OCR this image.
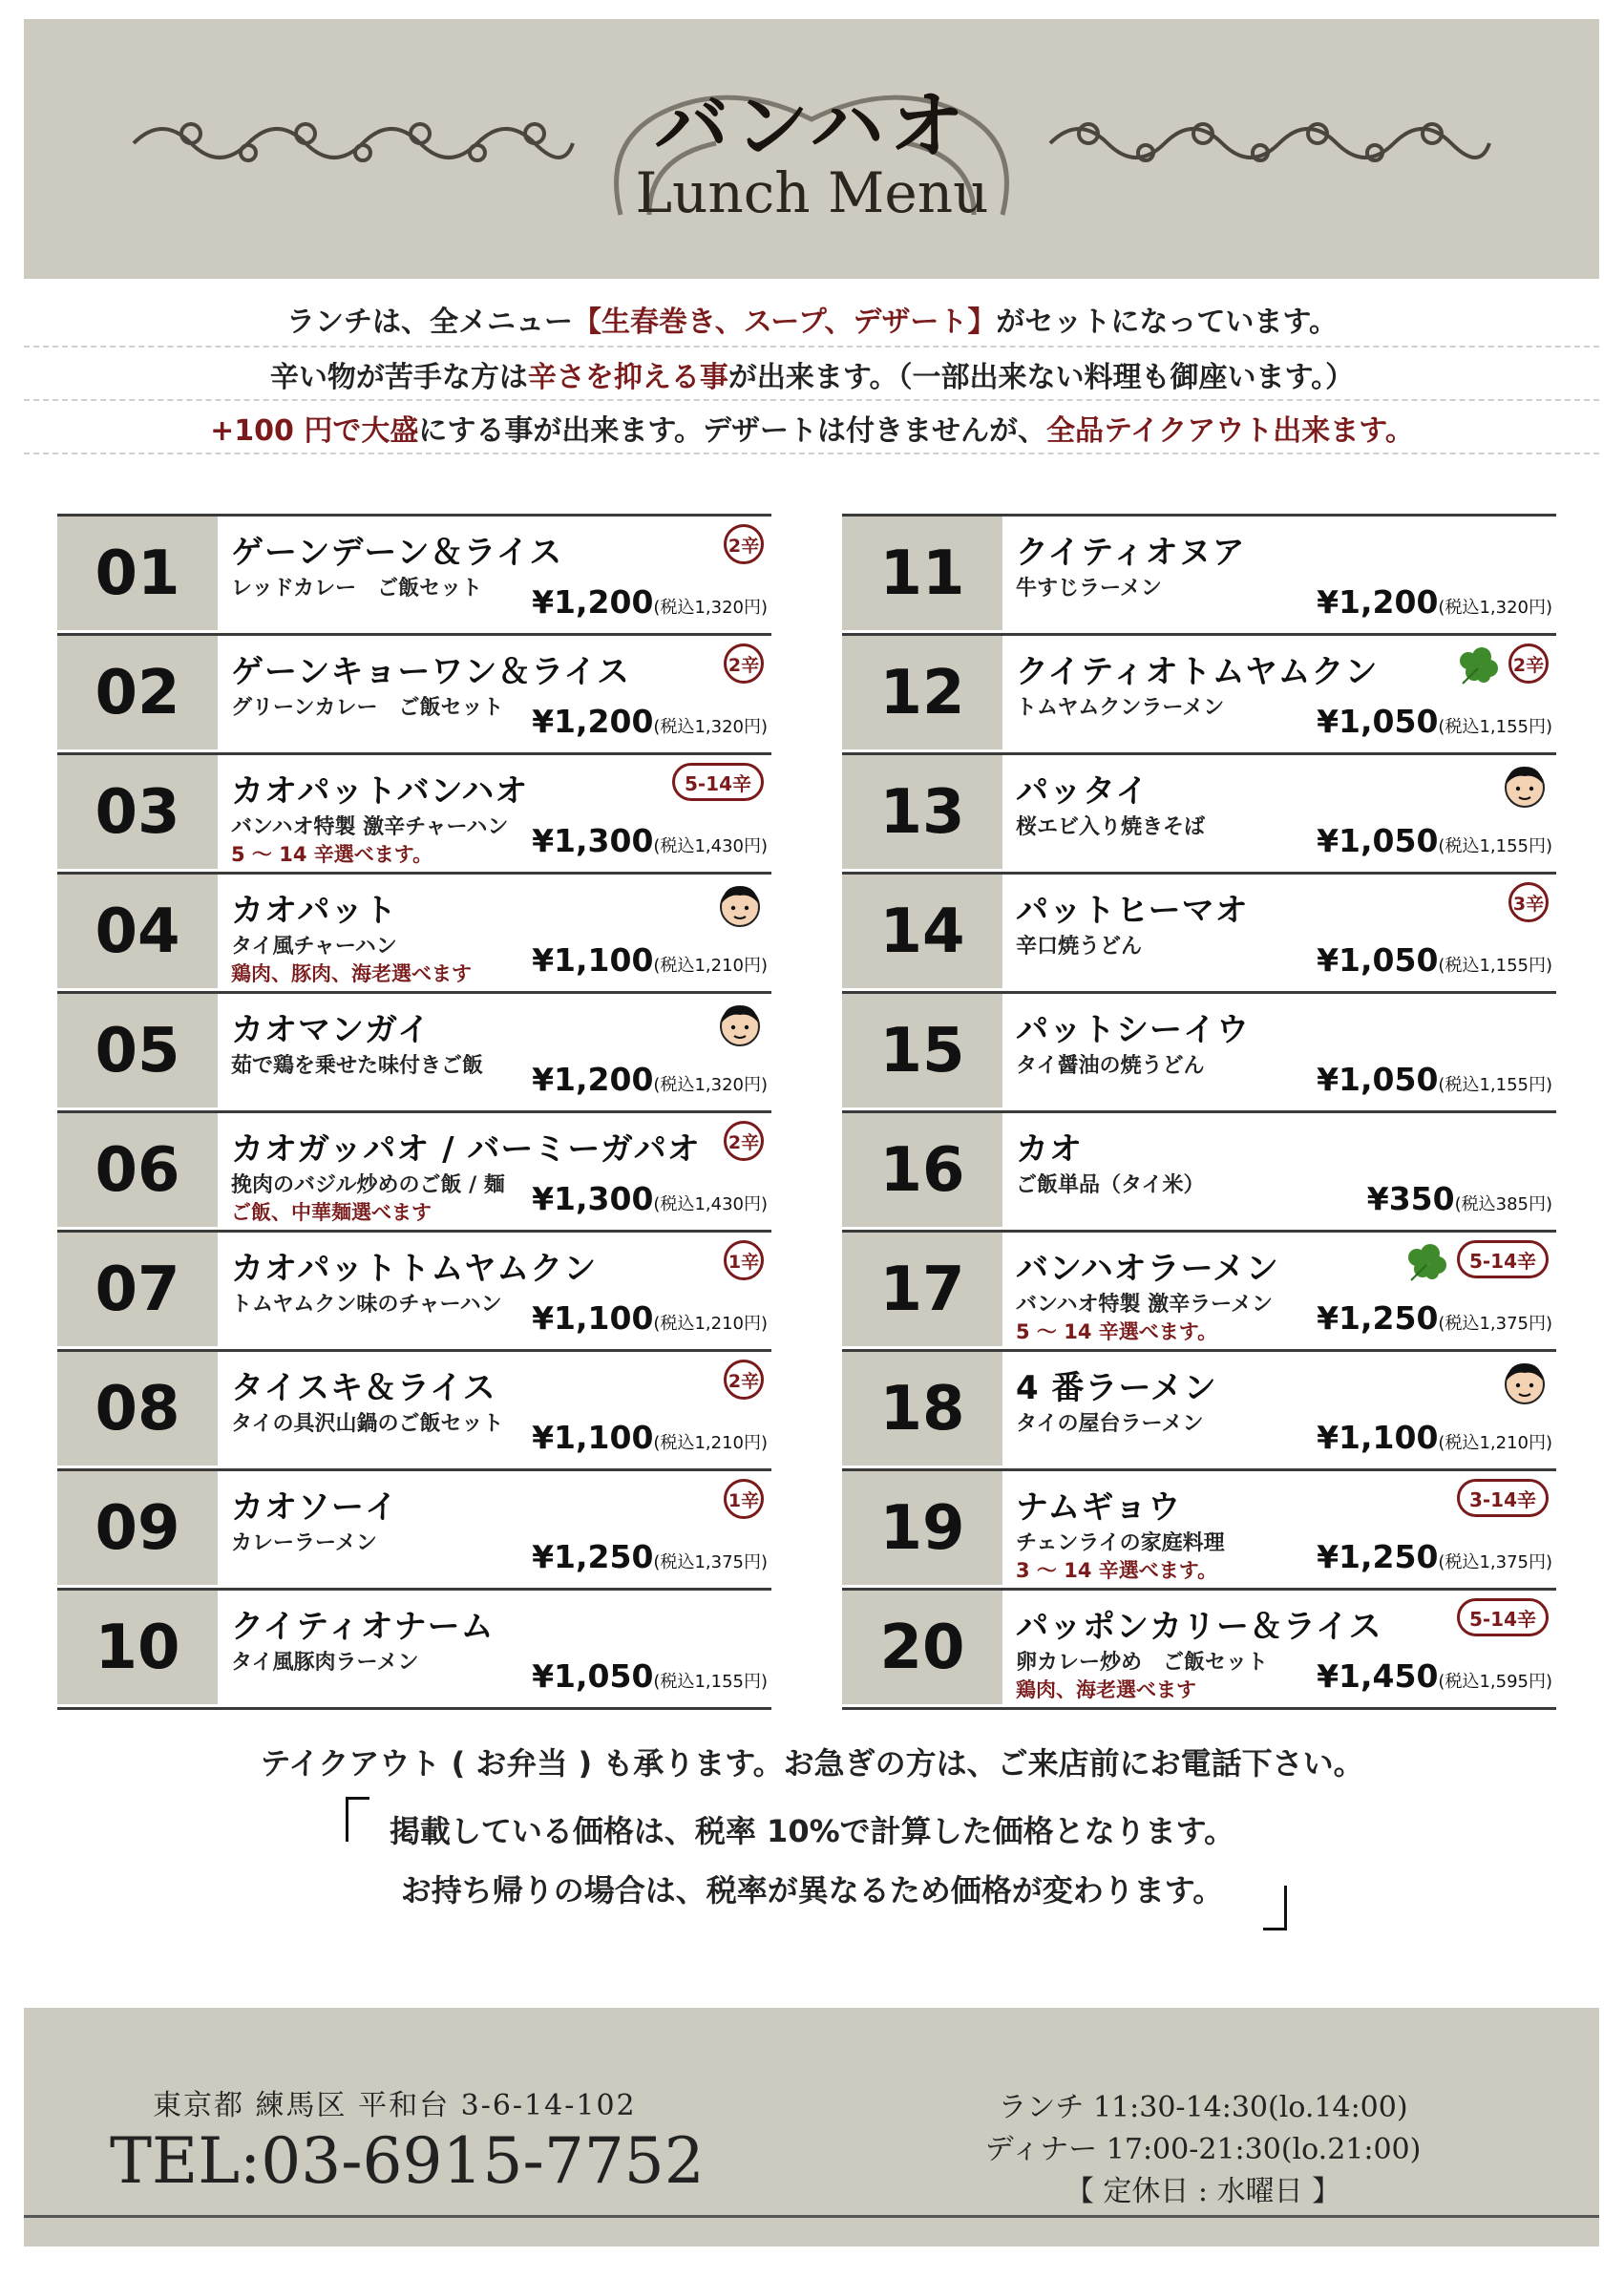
バンハオ
Lunch Menu
ランチは、全メニュー【生春巻き、スープ、デザート】がセットになっています。
辛い物が苦手な方は辛さを抑える事が出来ます。（一部出来ない料理も御座います。）
+100 円で大盛にする事が出来ます。デザートは付きませんが、全品テイクアウト出来ます。
01	ゲーンデーン＆ライス
レッドカレー　ご飯セット ¥1,200(税込1,320円)
2辛
02	ゲーンキョーワン＆ライス
グリーンカレー　ご飯セット ¥1,200(税込1,320円)
2辛
03	カオパットバンハオ
バンハオ特製 激辛チャーハン
5 ～ 14 辛選べます。	¥1,300(税込1,430円)
5-14辛
04	カオパット
タイ風チャーハン
鶏肉、豚肉、海老選べます ¥1,100(税込1,210円)
05	カオマンガイ
茹で鶏を乗せた味付きご飯 ¥1,200(税込1,320円)
06	カオガッパオ / バーミーガパオ
挽肉のバジル炒めのご飯 / 麺
ご飯、中華麺選べます	¥1,300(税込1,430円)
2辛
07	カオパットトムヤムクン
トムヤムクン味のチャーハン ¥1,100(税込1,210円)
1辛
08	タイスキ＆ライス
タイの具沢山鍋のご飯セット ¥1,100(税込1,210円)
2辛
09	カオソーイ
カレーラーメン	¥1,250(税込1,375円)
1辛
10	クイティオナーム
タイ風豚肉ラーメン	¥1,050(税込1,155円)
11	クイティオヌア
牛すじラーメン	¥1,200(税込1,320円)
12	クイティオトムヤムクン
トムヤムクンラーメン	¥1,050(税込1,155円)
2辛
13	パッタイ
桜エビ入り焼きそば	¥1,050(税込1,155円)
14	パットヒーマオ
辛口焼うどん	¥1,050(税込1,155円)
3辛
15	パットシーイウ
タイ醤油の焼うどん	¥1,050(税込1,155円)
16	カオ
ご飯単品（タイ米）	¥350(税込385円)
17	バンハオラーメン
バンハオ特製 激辛ラーメン
5 ～ 14 辛選べます。	¥1,250(税込1,375円)
5-14辛
18	4 番ラーメン
タイの屋台ラーメン	¥1,100(税込1,210円)
19	ナムギョウ
チェンライの家庭料理
3 ～ 14 辛選べます。	¥1,250(税込1,375円)
3-14辛
20	パッポンカリー＆ライス
卵カレー炒め　ご飯セット
鶏肉、海老選べます	¥1,450(税込1,595円)
5-14辛
テイクアウト ( お弁当 ) も承ります。お急ぎの方は、ご来店前にお電話下さい。
掲載している価格は、税率 10%で計算した価格となります。
お持ち帰りの場合は、税率が異なるため価格が変わります。
東京都 練馬区 平和台 3-6-14-102
TEL:03-6915-7752
ランチ 11:30-14:30(lo.14:00)
ディナー 17:00-21:30(lo.21:00)
【 定休日 : 水曜日 】
